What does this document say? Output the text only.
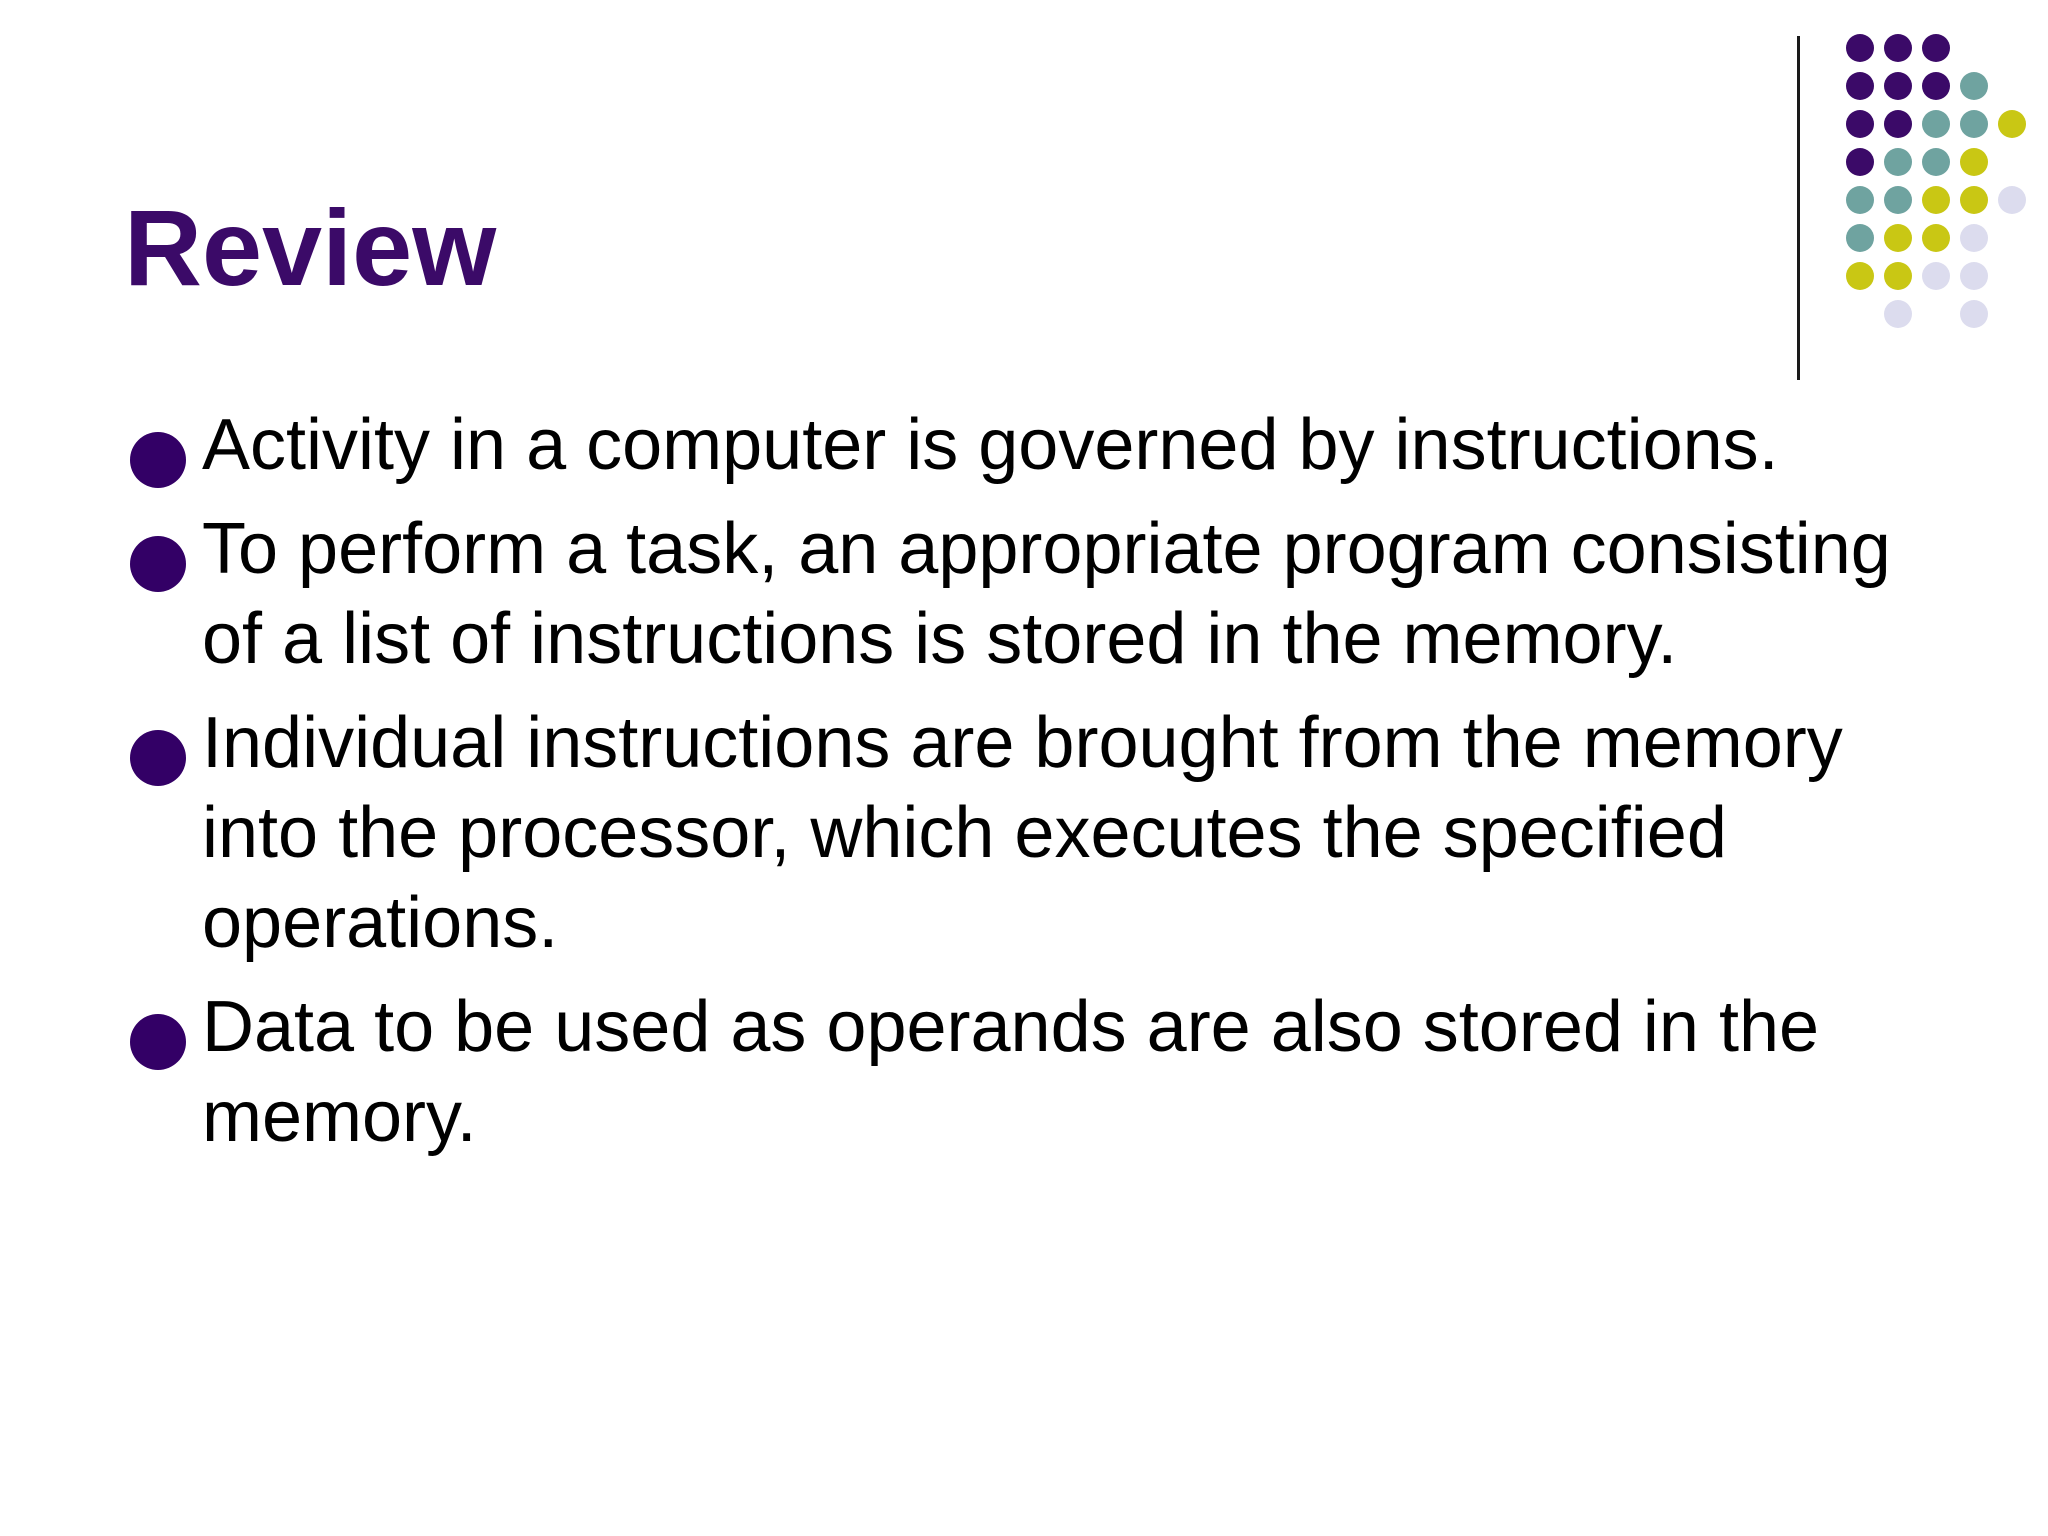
Review
Activity in a computer is governed by instructions.
To perform a task, an appropriate program consisting of a list of instructions is stored in the memory.
Individual instructions are brought from the memory into the processor, which executes the specified operations.
Data to be used as operands are also stored in the memory.
